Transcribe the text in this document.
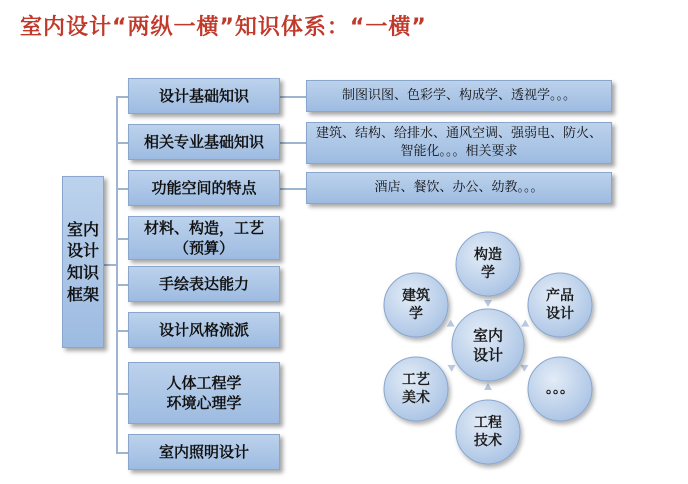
室内设计“两纵一横”知识体系：“一横”
室内
设计
知识
框架
设计基础知识
相关专业基础知识
功能空间的特点
材料、构造，工艺
（预算）
手绘表达能力
设计风格流派
人体工程学
环境心理学
室内照明设计
制图识图、色彩学、构成学、透视学。。。
建筑、结构、给排水、通风空调、强弱电、防火、智能化。。。相关要求
酒店、餐饮、办公、幼教。。。
构造
学
产品
设计
。。。
工程
技术
工艺
美术
建筑
学
室内
设计
